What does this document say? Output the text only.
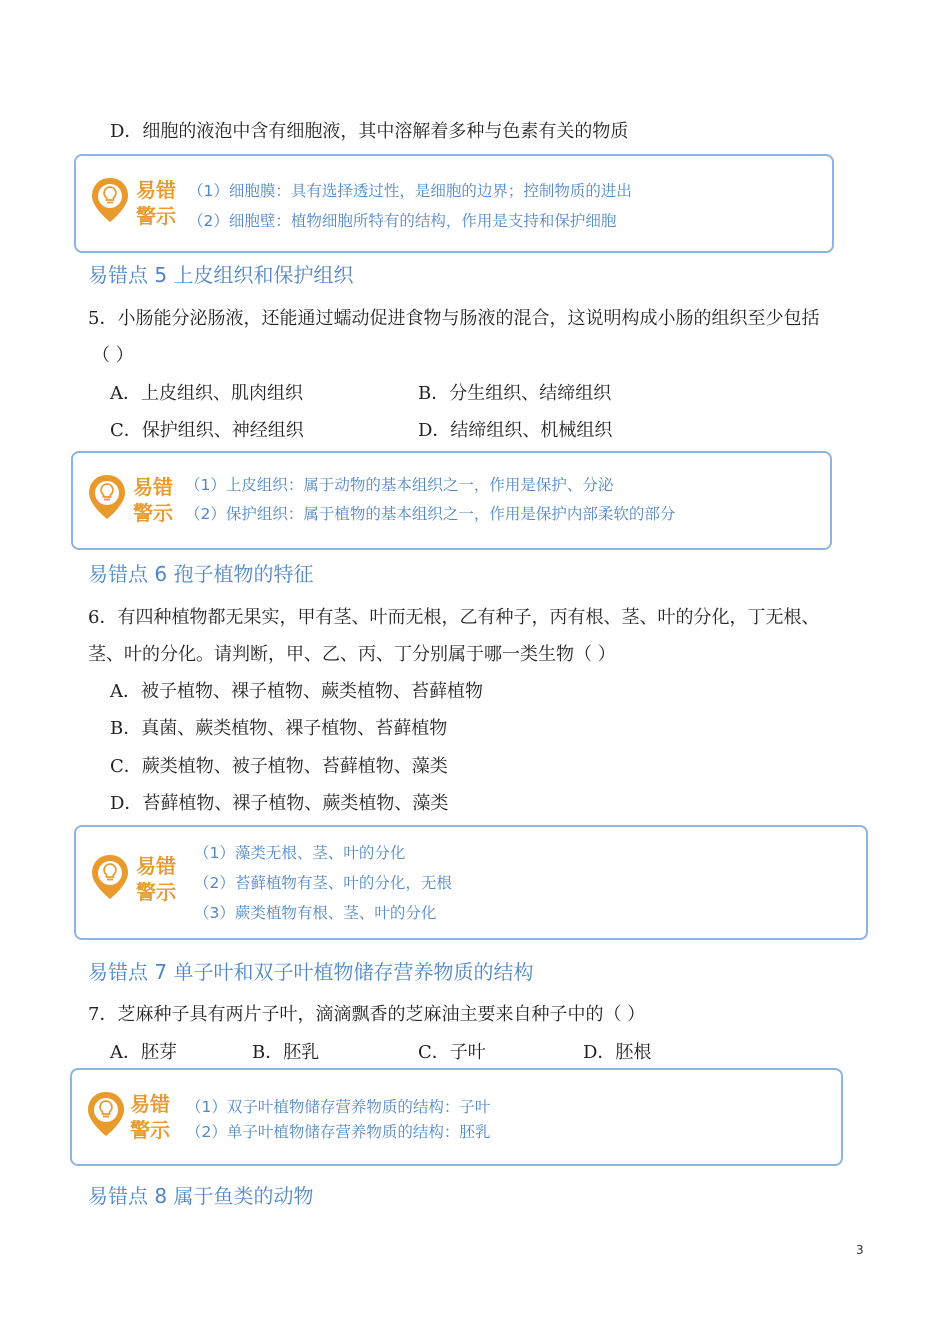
D．细胞的液泡中含有细胞液，其中溶解着多种与色素有关的物质
易错
警示
（1）细胞膜：具有选择透过性，是细胞的边界；控制物质的进出
（2）细胞壁：植物细胞所特有的结构，作用是支持和保护细胞
易错点 5 上皮组织和保护组织
5．小肠能分泌肠液，还能通过蠕动促进食物与肠液的混合，这说明构成小肠的组织至少包括
（ ）
A．上皮组织、肌肉组织	B．分生组织、结缔组织
C．保护组织、神经组织	D．结缔组织、机械组织
易错
警示
（1）上皮组织：属于动物的基本组织之一，作用是保护、分泌
（2）保护组织：属于植物的基本组织之一，作用是保护内部柔软的部分
易错点 6 孢子植物的特征
6．有四种植物都无果实，甲有茎、叶而无根，乙有种子，丙有根、茎、叶的分化，丁无根、
茎、叶的分化。请判断，甲、乙、丙、丁分别属于哪一类生物（ ）
A．被子植物、裸子植物、蕨类植物、苔藓植物
B．真菌、蕨类植物、裸子植物、苔藓植物
C．蕨类植物、被子植物、苔藓植物、藻类
D．苔藓植物、裸子植物、蕨类植物、藻类
易错
警示
（1）藻类无根、茎、叶的分化
（2）苔藓植物有茎、叶的分化，无根
（3）蕨类植物有根、茎、叶的分化
易错点 7 单子叶和双子叶植物储存营养物质的结构
7．芝麻种子具有两片子叶，滴滴飘香的芝麻油主要来自种子中的（ ）
A．胚芽	B．胚乳	C．子叶	D．胚根
易错
警示
（1）双子叶植物储存营养物质的结构：子叶
（2）单子叶植物储存营养物质的结构：胚乳
易错点 8 属于鱼类的动物
3
